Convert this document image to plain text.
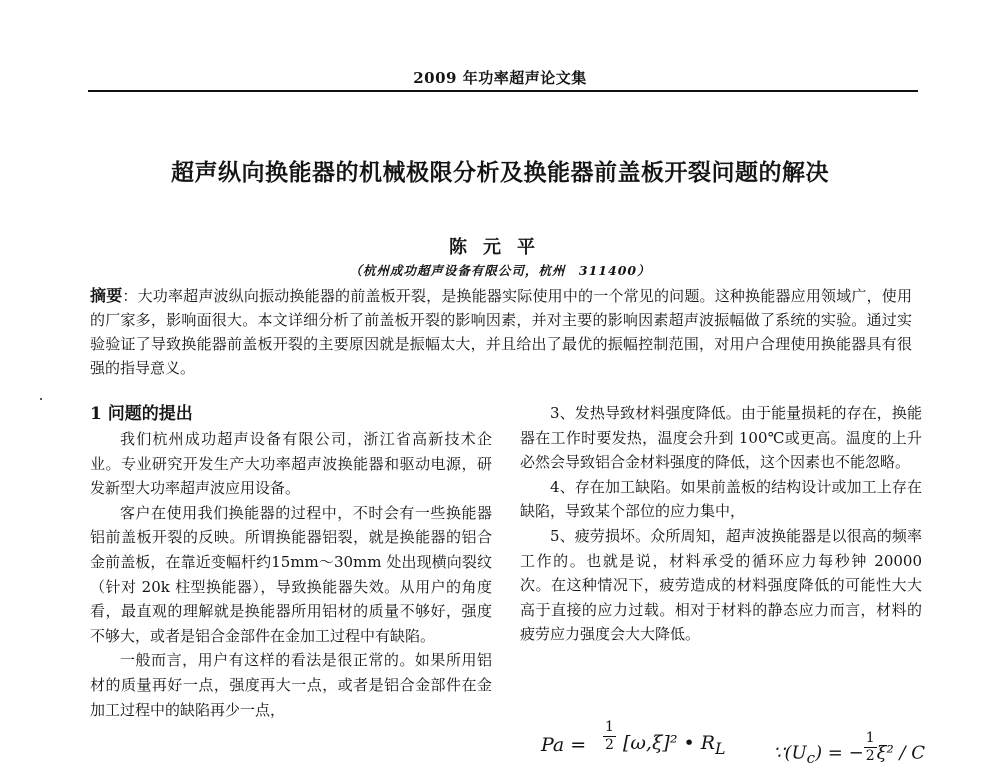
2009 年功率超声论文集
超声纵向换能器的机械极限分析及换能器前盖板开裂问题的解决
陈元平
（杭州成功超声设备有限公司，杭州　311400）
摘要：大功率超声波纵向振动换能器的前盖板开裂，是换能器实际使用中的一个常见的问题。这种换能器应用领域广，使用的厂家多，影响面很大。本文详细分析了前盖板开裂的影响因素，并对主要的影响因素超声波振幅做了系统的实验。通过实验验证了导致换能器前盖板开裂的主要原因就是振幅太大，并且给出了最优的振幅控制范围，对用户合理使用换能器具有很强的指导意义。
1 问题的提出

我们杭州成功超声设备有限公司，浙江省高新技术企业。专业研究开发生产大功率超声波换能器和驱动电源，研发新型大功率超声波应用设备。

客户在使用我们换能器的过程中，不时会有一些换能器铝前盖板开裂的反映。所谓换能器铝裂，就是换能器的铝合金前盖板，在靠近变幅杆约15mm～30mm 处出现横向裂纹（针对 20k 柱型换能器），导致换能器失效。从用户的角度看，最直观的理解就是换能器所用铝材的质量不够好，强度不够大，或者是铝合金部件在金加工过程中有缺陷。

一般而言，用户有这样的看法是很正常的。如果所用铝材的质量再好一点，强度再大一点，或者是铝合金部件在金加工过程中的缺陷再少一点，

3、发热导致材料强度降低。由于能量损耗的存在，换能器在工作时要发热，温度会升到 100℃或更高。温度的上升必然会导致铝合金材料强度的降低，这个因素也不能忽略。

4、存在加工缺陷。如果前盖板的结构设计或加工上存在缺陷，导致某个部位的应力集中，

5、疲劳损坏。众所周知，超声波换能器是以很高的频率工作的。也就是说，材料承受的循环应力每秒钟 20000 次。在这种情况下，疲劳造成的材料强度降低的可能性大大高于直接的应力过载。相对于材料的静态应力而言，材料的疲劳应力强度会大大降低。

$Pa = \frac{1}{2} [\omega,\xi]^2$ • $R_L$	$\because(U_c)$ = − $\frac{1}{2}\xi^2$ / C
